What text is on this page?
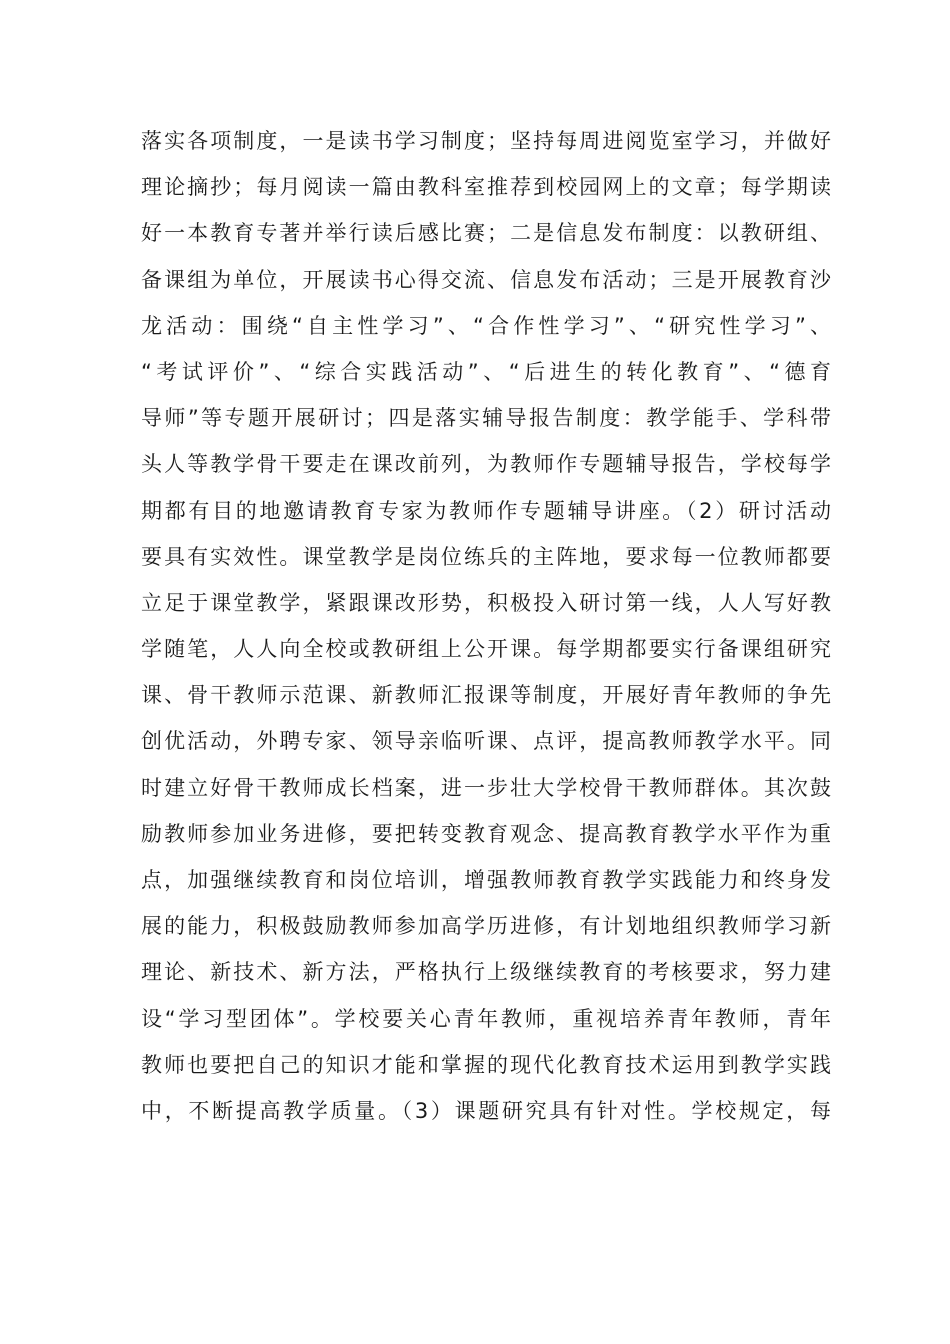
落实各项制度，一是读书学习制度；坚持每周进阅览室学习，并做好
理论摘抄；每月阅读一篇由教科室推荐到校园网上的文章；每学期读
好一本教育专著并举行读后感比赛；二是信息发布制度：以教研组、
备课组为单位，开展读书心得交流、信息发布活动；三是开展教育沙
龙活动：围绕“自主性学习”、“合作性学习”、“研究性学习”、
“考试评价”、“综合实践活动”、“后进生的转化教育”、“德育
导师”等专题开展研讨；四是落实辅导报告制度：教学能手、学科带
头人等教学骨干要走在课改前列，为教师作专题辅导报告，学校每学
期都有目的地邀请教育专家为教师作专题辅导讲座。（2）研讨活动
要具有实效性。课堂教学是岗位练兵的主阵地，要求每一位教师都要
立足于课堂教学，紧跟课改形势，积极投入研讨第一线，人人写好教
学随笔，人人向全校或教研组上公开课。每学期都要实行备课组研究
课、骨干教师示范课、新教师汇报课等制度，开展好青年教师的争先
创优活动，外聘专家、领导亲临听课、点评，提高教师教学水平。同
时建立好骨干教师成长档案，进一步壮大学校骨干教师群体。其次鼓
励教师参加业务进修，要把转变教育观念、提高教育教学水平作为重
点，加强继续教育和岗位培训，增强教师教育教学实践能力和终身发
展的能力，积极鼓励教师参加高学历进修，有计划地组织教师学习新
理论、新技术、新方法，严格执行上级继续教育的考核要求，努力建
设“学习型团体”。学校要关心青年教师，重视培养青年教师，青年
教师也要把自己的知识才能和掌握的现代化教育技术运用到教学实践
中，不断提高教学质量。（3）课题研究具有针对性。学校规定，每
